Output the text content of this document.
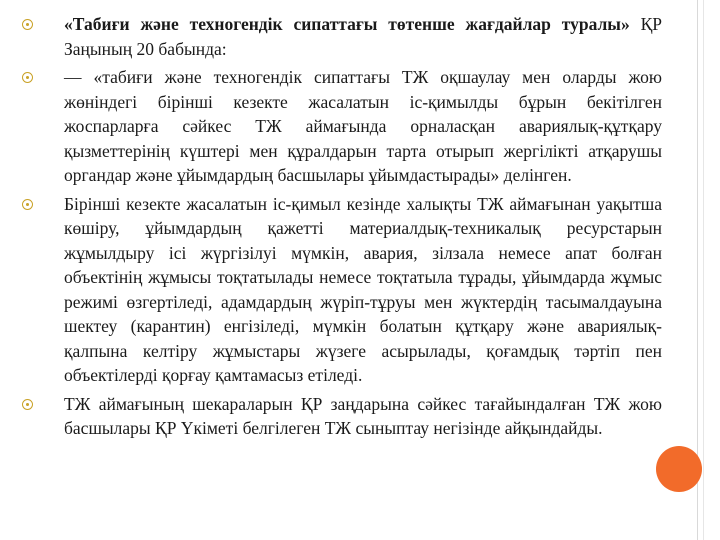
«Табиғи және техногендік сипаттағы төтенше жағдайлар туралы» ҚР Заңының 20 бабында:

— «табиғи және техногендік сипаттағы ТЖ оқшаулау мен оларды жою жөніндегі бірінші кезекте жасалатын іс-қимылды бұрын бекітілген жоспарларға сәйкес ТЖ аймағында орналасқан авариялық-құтқару қызметтерінің күштері мен құралдарын тарта отырып жергілікті атқарушы органдар және ұйымдардың басшылары ұйымдастырады» делінген.

Бірінші кезекте жасалатын іс-қимыл кезінде халықты ТЖ аймағынан уақытша көшіру, ұйымдардың қажетті материалдық-техникалық ресурстарын жұмылдыру ісі жүргізілуі мүмкін, авария, зілзала немесе апат болған объектінің жұмысы тоқтатылады немесе тоқтатыла тұрады, ұйымдарда жұмыс режимі өзгертіледі, адамдардың жүріп-тұруы мен жүктердің тасымалдауына шектеу (карантин) енгізіледі, мүмкін болатын құтқару және авариялық-қалпына келтіру жұмыстары жүзеге асырылады, қоғамдық тәртіп пен объектілерді қорғау қамтамасыз етіледі.

ТЖ аймағының шекараларын ҚР заңдарына сәйкес тағайындалған ТЖ жою басшылары ҚР Үкіметі белгілеген ТЖ сыныптау негізінде айқындайды.
